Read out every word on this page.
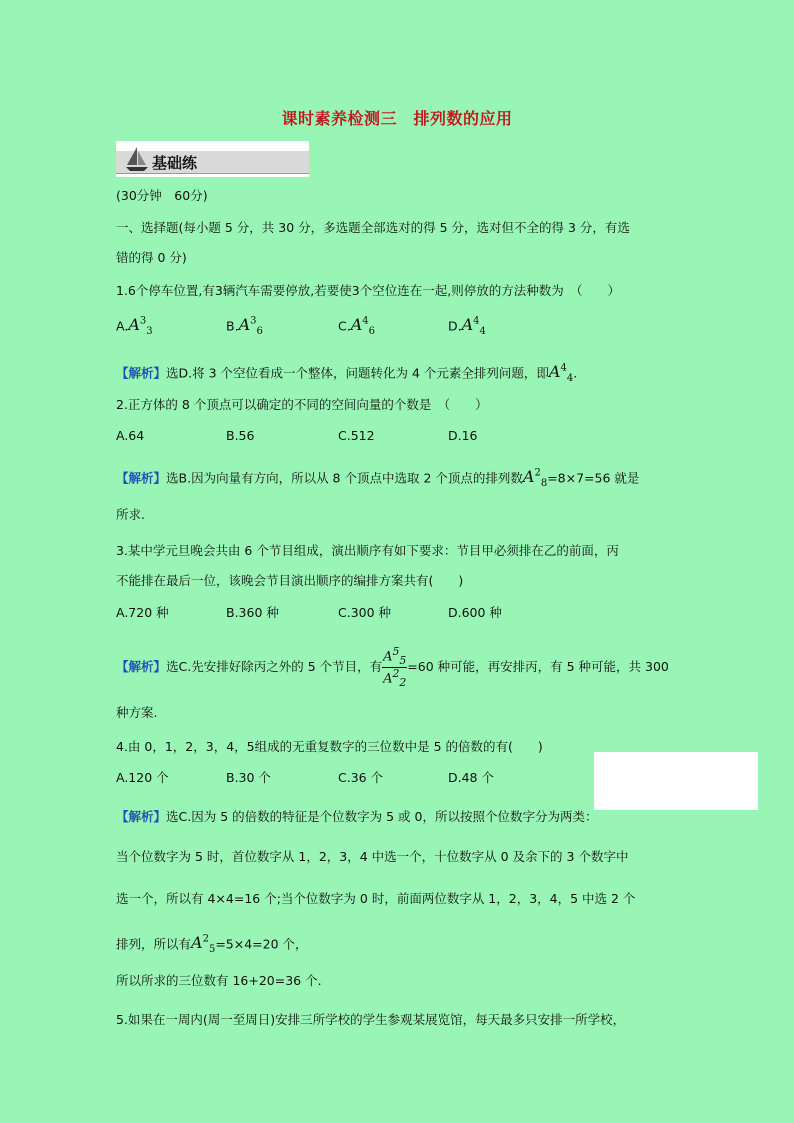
课时素养检测三　排列数的应用
基础练
(30分钟　60分)
一、选择题(每小题 5 分，共 30 分，多选题全部选对的得 5 分，选对但不全的得 3 分，有选
错的得 0 分)
1.6个停车位置,有3辆汽车需要停放,若要使3个空位连在一起,则停放的方法种数为　（　　）
$A.A^3_3$	$B.A^3_6$	$C.A^4_6$	$D.A^4_4$
【解析】选D.将 3 个空位看成一个整体，问题转化为 4 个元素全排列问题，即$A^4_4$.
2.正方体的 8 个顶点可以确定的不同的空间向量的个数是　（　　）
A.64	B.56	C.512	D.16
【解析】选B.因为向量有方向，所以从 8 个顶点中选取 2 个顶点的排列数$A^2_8=8\times 7=56$ 就是
所求.
3.某中学元旦晚会共由 6 个节目组成，演出顺序有如下要求：节目甲必须排在乙的前面，丙
不能排在最后一位，该晚会节目演出顺序的编排方案共有(　　)
A.720 种	B.360 种	C.300 种	D.600 种
【解析】选C.先安排好除丙之外的 5 个节目，有 $\frac{A^5_5}{A^2_2} =60$ 种可能，再安排丙，有 5 种可能，共 300
种方案.
4.由 0，1，2，3，4，5组成的无重复数字的三位数中是 5 的倍数的有(　　)
A.120 个	B.30 个	C.36 个	D.48 个

【解析】选C.因为 5 的倍数的特征是个位数字为 5 或 0，所以按照个位数字分为两类：
当个位数字为 5 时，首位数字从 1，2，3，4 中选一个，十位数字从 0 及余下的 3 个数字中
选一个，所以有 4×4=16 个;当个位数字为 0 时，前面两位数字从 1，2，3，4，5 中选 2 个
排列，所以有$A^2_5=5\times 4=20$ 个，
所以所求的三位数有 16+20=36 个.
5.如果在一周内(周一至周日)安排三所学校的学生参观某展览馆，每天最多只安排一所学校，
